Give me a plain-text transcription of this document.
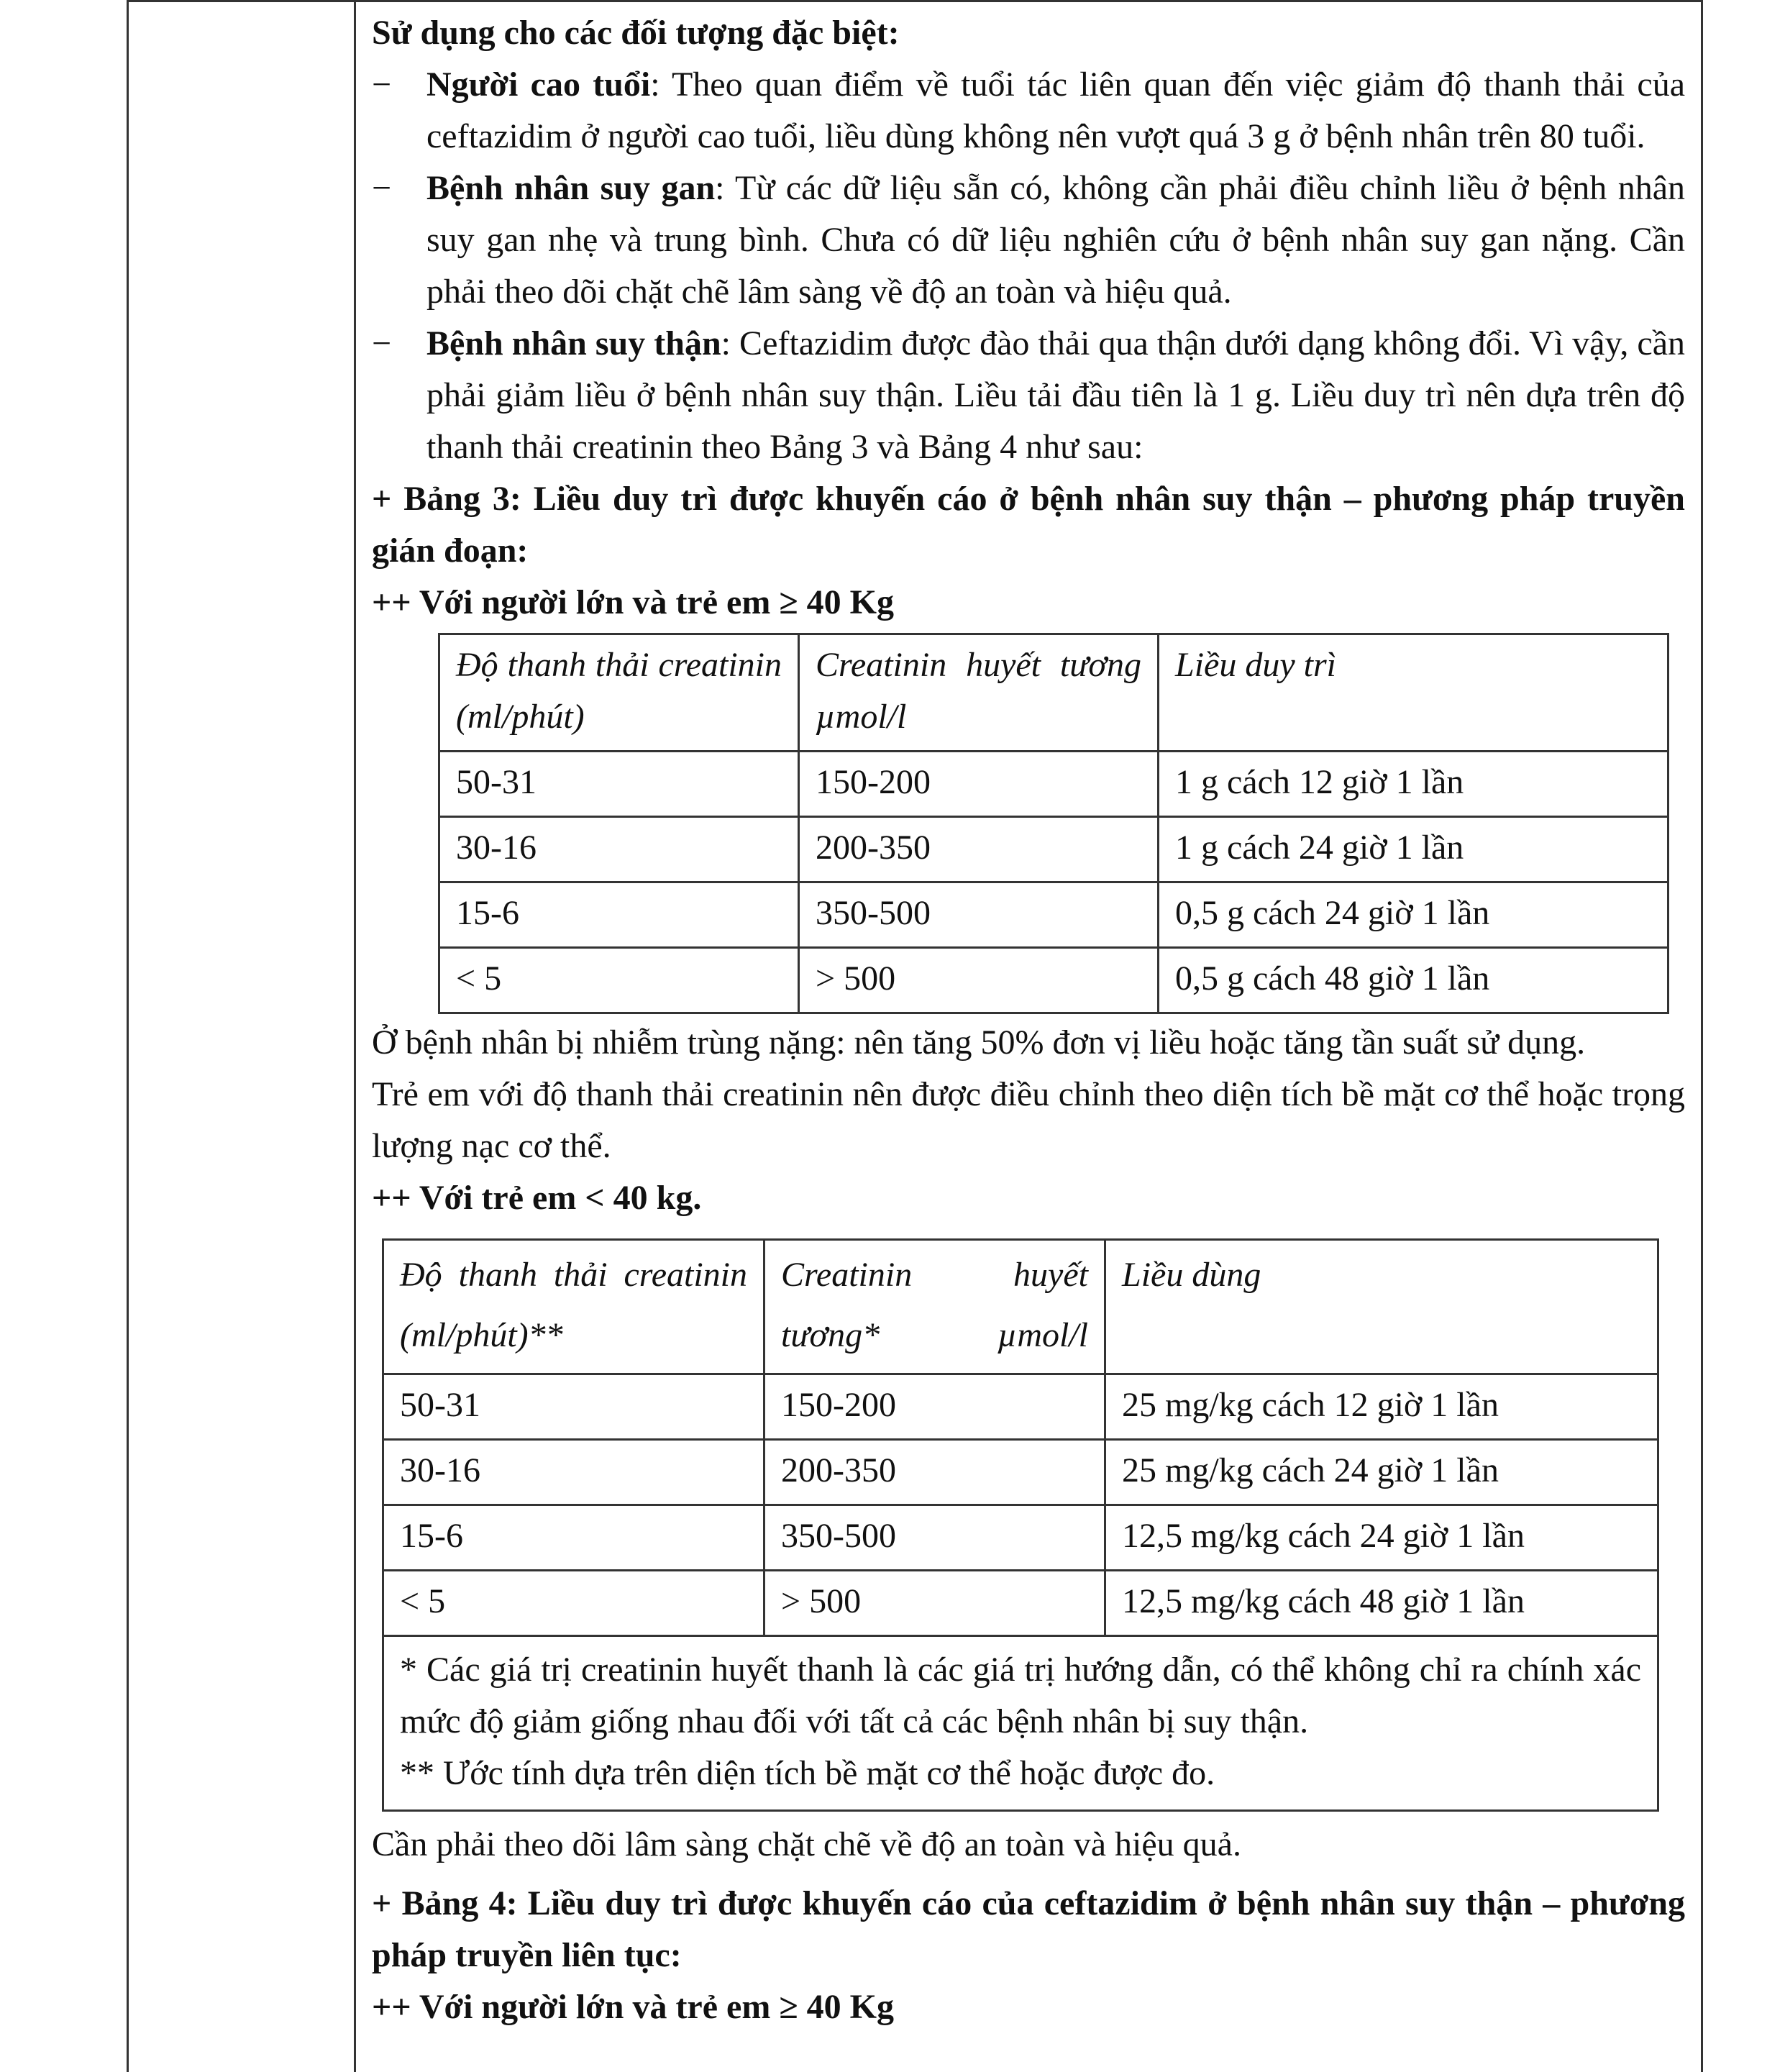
Sử dụng cho các đối tượng đặc biệt:
− Người cao tuổi: Theo quan điểm về tuổi tác liên quan đến việc giảm độ thanh thải của ceftazidim ở người cao tuổi, liều dùng không nên vượt quá 3 g ở bệnh nhân trên 80 tuổi.
− Bệnh nhân suy gan: Từ các dữ liệu sẵn có, không cần phải điều chỉnh liều ở bệnh nhân suy gan nhẹ và trung bình. Chưa có dữ liệu nghiên cứu ở bệnh nhân suy gan nặng. Cần phải theo dõi chặt chẽ lâm sàng về độ an toàn và hiệu quả.
− Bệnh nhân suy thận: Ceftazidim được đào thải qua thận dưới dạng không đổi. Vì vậy, cần phải giảm liều ở bệnh nhân suy thận. Liều tải đầu tiên là 1 g. Liều duy trì nên dựa trên độ thanh thải creatinin theo Bảng 3 và Bảng 4 như sau:
+ Bảng 3: Liều duy trì được khuyến cáo ở bệnh nhân suy thận – phương pháp truyền gián đoạn:
++ Với người lớn và trẻ em ≥ 40 Kg
Độ thanh thải creatinin (ml/phút)	Creatinin huyết tương µmol/l	Liều duy trì
50-31	150-200	1 g cách 12 giờ 1 lần
30-16	200-350	1 g cách 24 giờ 1 lần
15-6	350-500	0,5 g cách 24 giờ 1 lần
< 5	> 500	0,5 g cách 48 giờ 1 lần
Ở bệnh nhân bị nhiễm trùng nặng: nên tăng 50% đơn vị liều hoặc tăng tần suất sử dụng.
Trẻ em với độ thanh thải creatinin nên được điều chỉnh theo diện tích bề mặt cơ thể hoặc trọng lượng nạc cơ thể.
++ Với trẻ em < 40 kg.
Độ thanh thải creatinin (ml/phút)**	Creatinin huyết tương* µmol/l	Liều dùng
50-31	150-200	25 mg/kg cách 12 giờ 1 lần
30-16	200-350	25 mg/kg cách 24 giờ 1 lần
15-6	350-500	12,5 mg/kg cách 24 giờ 1 lần
< 5	> 500	12,5 mg/kg cách 48 giờ 1 lần

* Các giá trị creatinin huyết thanh là các giá trị hướng dẫn, có thể không chỉ ra chính xác mức độ giảm giống nhau đối với tất cả các bệnh nhân bị suy thận.
** Ước tính dựa trên diện tích bề mặt cơ thể hoặc được đo.		
Cần phải theo dõi lâm sàng chặt chẽ về độ an toàn và hiệu quả.
+ Bảng 4: Liều duy trì được khuyến cáo của ceftazidim ở bệnh nhân suy thận – phương pháp truyền liên tục:
++ Với người lớn và trẻ em ≥ 40 Kg
